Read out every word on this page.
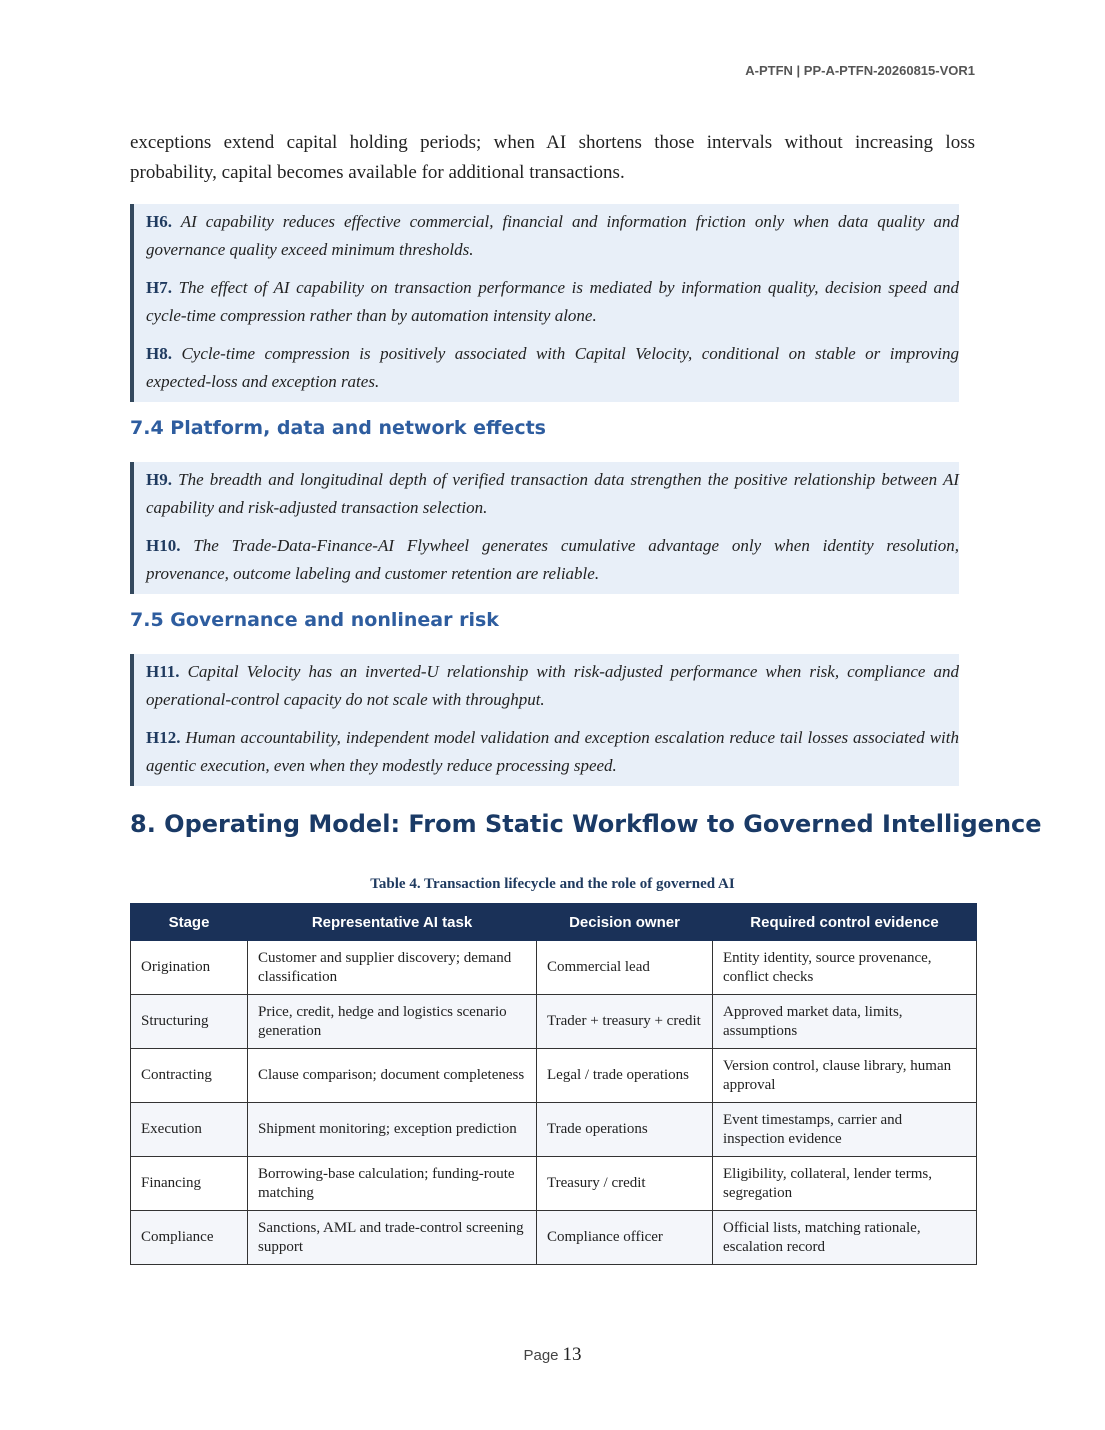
A-PTFN | PP-A-PTFN-20260815-VOR1

exceptions extend capital holding periods; when AI shortens those intervals without increasing loss probability, capital becomes available for additional transactions.

H6. AI capability reduces effective commercial, financial and information friction only when data quality and governance quality exceed minimum thresholds.

H7. The effect of AI capability on transaction performance is mediated by information quality, decision speed and cycle-time compression rather than by automation intensity alone.

H8. Cycle-time compression is positively associated with Capital Velocity, conditional on stable or improving expected-loss and exception rates.

7.4 Platform, data and network effects

H9. The breadth and longitudinal depth of verified transaction data strengthen the positive relationship between AI capability and risk-adjusted transaction selection.

H10. The Trade-Data-Finance-AI Flywheel generates cumulative advantage only when identity resolution, provenance, outcome labeling and customer retention are reliable.

7.5 Governance and nonlinear risk

H11. Capital Velocity has an inverted-U relationship with risk-adjusted performance when risk, compliance and operational-control capacity do not scale with throughput.

H12. Human accountability, independent model validation and exception escalation reduce tail losses associated with agentic execution, even when they modestly reduce processing speed.

8. Operating Model: From Static Workflow to Governed Intelligence
Table 4. Transaction lifecycle and the role of governed AI
Stage	Representative AI task	Decision owner	Required control evidence
Origination	Customer and supplier discovery; demand classification	Commercial lead	Entity identity, source provenance, conflict checks
Structuring	Price, credit, hedge and logistics scenario generation	Trader + treasury + credit	Approved market data, limits, assumptions
Contracting	Clause comparison; document completeness	Legal / trade operations	Version control, clause library, human approval
Execution	Shipment monitoring; exception prediction	Trade operations	Event timestamps, carrier and inspection evidence
Financing	Borrowing-base calculation; funding-route matching	Treasury / credit	Eligibility, collateral, lender terms, segregation
Compliance	Sanctions, AML and trade-control screening support	Compliance officer	Official lists, matching rationale, escalation record
Page 13
